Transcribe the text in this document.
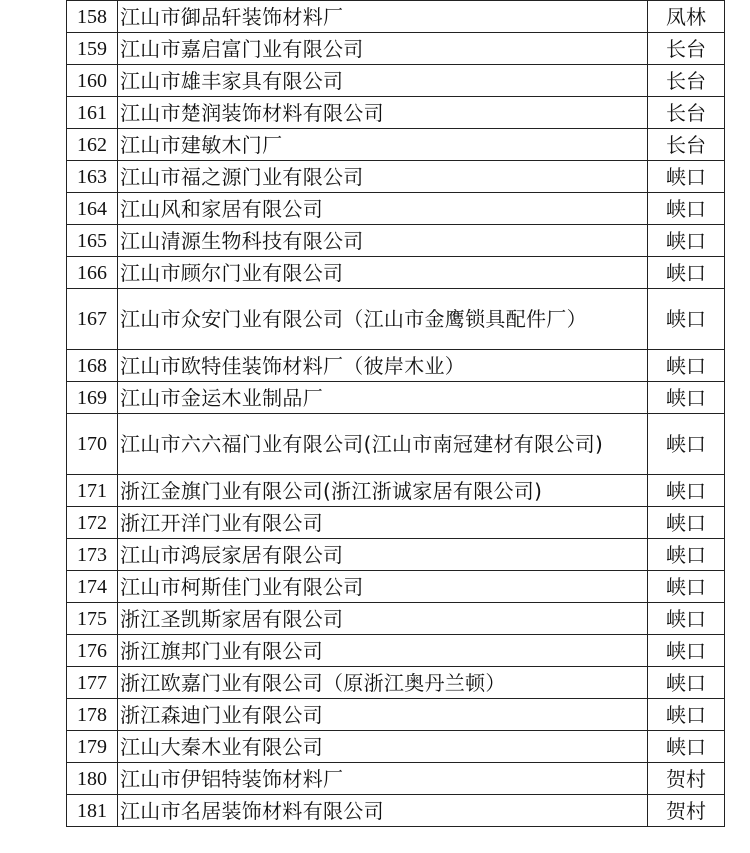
158	江山市御品轩装饰材料厂	凤林
159	江山市嘉启富门业有限公司	长台
160	江山市雄丰家具有限公司	长台
161	江山市楚润装饰材料有限公司	长台
162	江山市建敏木门厂	长台
163	江山市福之源门业有限公司	峡口
164	江山风和家居有限公司	峡口
165	江山清源生物科技有限公司	峡口
166	江山市顾尔门业有限公司	峡口
167	江山市众安门业有限公司（江山市金鹰锁具配件厂）	峡口
168	江山市欧特佳装饰材料厂（彼岸木业）	峡口
169	江山市金运木业制品厂	峡口
170	江山市六六福门业有限公司(江山市南冠建材有限公司)	峡口
171	浙江金旗门业有限公司(浙江浙诚家居有限公司)	峡口
172	浙江开洋门业有限公司	峡口
173	江山市鸿辰家居有限公司	峡口
174	江山市柯斯佳门业有限公司	峡口
175	浙江圣凯斯家居有限公司	峡口
176	浙江旗邦门业有限公司	峡口
177	浙江欧嘉门业有限公司（原浙江奥丹兰顿）	峡口
178	浙江森迪门业有限公司	峡口
179	江山大秦木业有限公司	峡口
180	江山市伊铝特装饰材料厂	贺村
181	江山市名居装饰材料有限公司	贺村
